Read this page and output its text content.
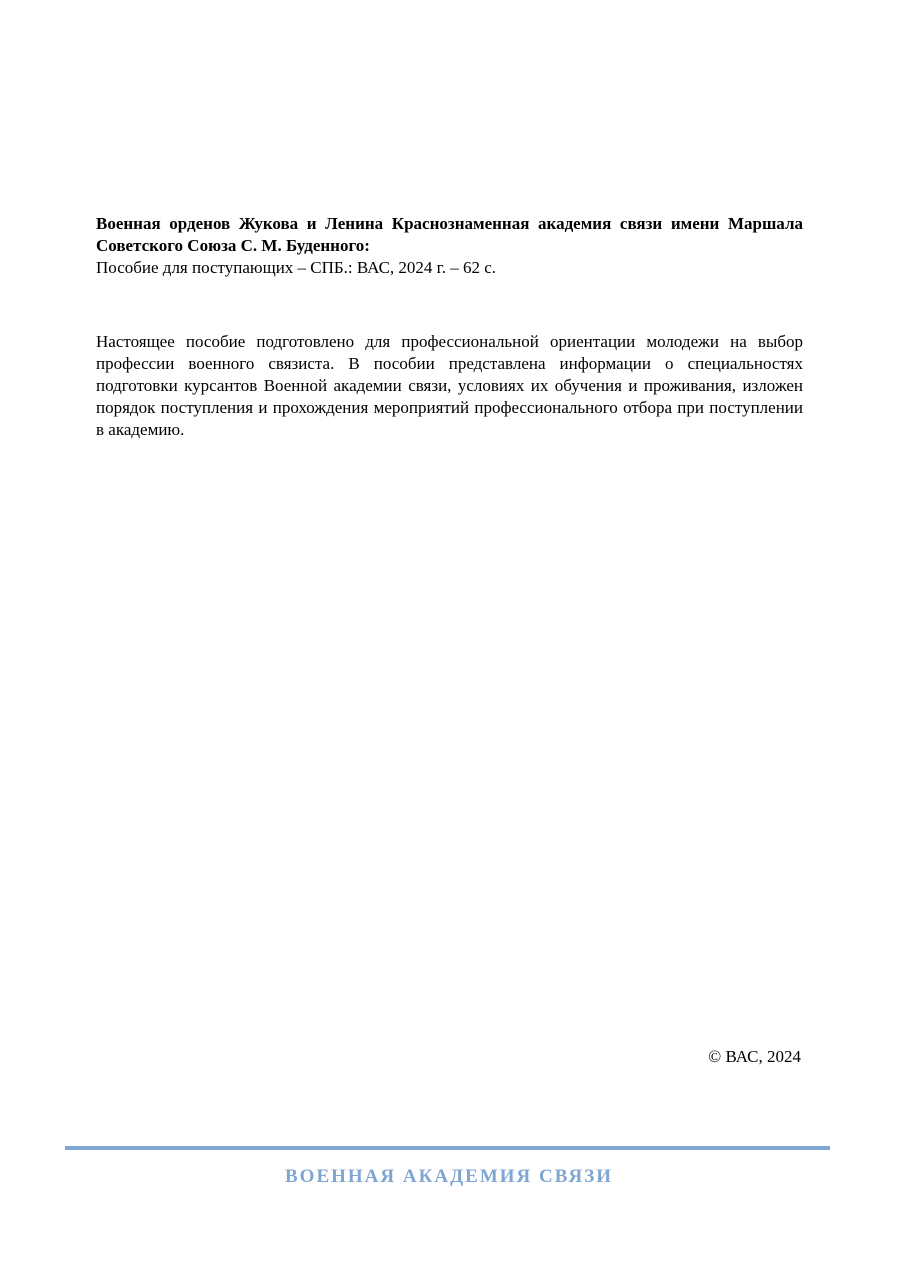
Военная орденов Жукова и Ленина Краснознаменная академия связи имени Маршала Советского Союза С. М. Буденного:

Пособие для поступающих – СПБ.: ВАС, 2024 г. – 62 с.

Настоящее пособие подготовлено для профессиональной ориентации молодежи на выбор профессии военного связиста. В пособии представлена информации о специальностях подготовки курсантов Военной академии связи, условиях их обучения и проживания, изложен порядок поступления и прохождения мероприятий профессионального отбора при поступлении в академию.

© ВАС, 2024
ВОЕННАЯ АКАДЕМИЯ СВЯЗИ
